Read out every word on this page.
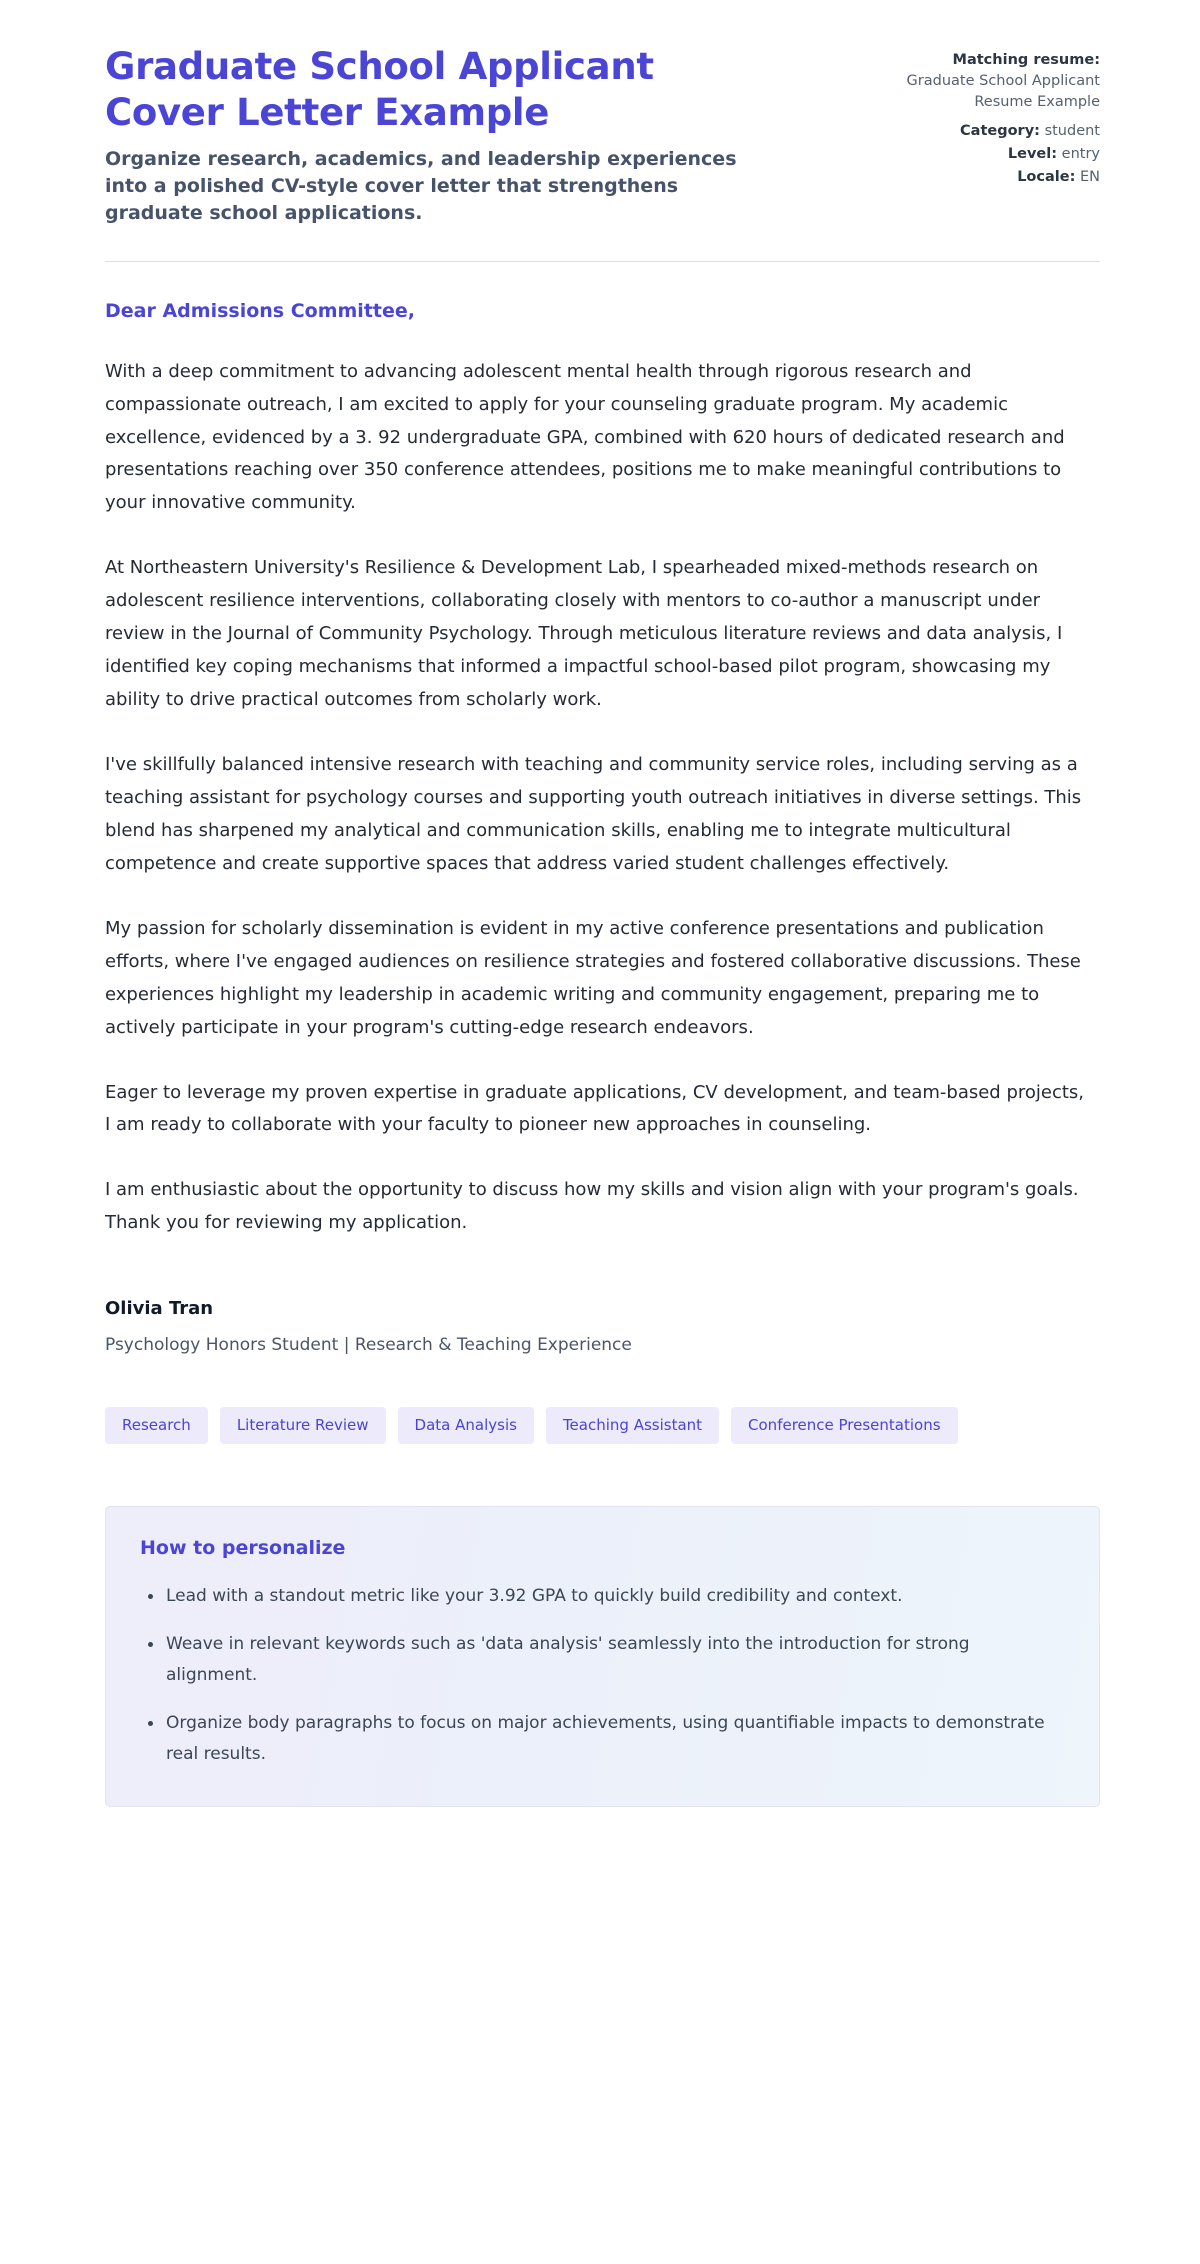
Graduate School Applicant Cover Letter Example

Organize research, academics, and leadership experiences into a polished CV-style cover letter that strengthens graduate school applications.

Matching resume:
Graduate School Applicant Resume Example
Category: student
Level: entry
Locale: EN

Dear Admissions Committee,

With a deep commitment to advancing adolescent mental health through rigorous research and compassionate outreach, I am excited to apply for your counseling graduate program. My academic excellence, evidenced by a 3. 92 undergraduate GPA, combined with 620 hours of dedicated research and presentations reaching over 350 conference attendees, positions me to make meaningful contributions to your innovative community.

At Northeastern University's Resilience & Development Lab, I spearheaded mixed-methods research on adolescent resilience interventions, collaborating closely with mentors to co-author a manuscript under review in the Journal of Community Psychology. Through meticulous literature reviews and data analysis, I identified key coping mechanisms that informed a impactful school-based pilot program, showcasing my ability to drive practical outcomes from scholarly work.

I've skillfully balanced intensive research with teaching and community service roles, including serving as a teaching assistant for psychology courses and supporting youth outreach initiatives in diverse settings. This blend has sharpened my analytical and communication skills, enabling me to integrate multicultural competence and create supportive spaces that address varied student challenges effectively.

My passion for scholarly dissemination is evident in my active conference presentations and publication efforts, where I've engaged audiences on resilience strategies and fostered collaborative discussions. These experiences highlight my leadership in academic writing and community engagement, preparing me to actively participate in your program's cutting-edge research endeavors.

Eager to leverage my proven expertise in graduate applications, CV development, and team-based projects, I am ready to collaborate with your faculty to pioneer new approaches in counseling.

I am enthusiastic about the opportunity to discuss how my skills and vision align with your program's goals. Thank you for reviewing my application.

Olivia Tran

Psychology Honors Student | Research & Teaching Experience

Research	Literature Review	Data Analysis	Teaching Assistant	Conference Presentations

How to personalize

Lead with a standout metric like your 3.92 GPA to quickly build credibility and context.
Weave in relevant keywords such as 'data analysis' seamlessly into the introduction for strong alignment.
Organize body paragraphs to focus on major achievements, using quantifiable impacts to demonstrate real results.
